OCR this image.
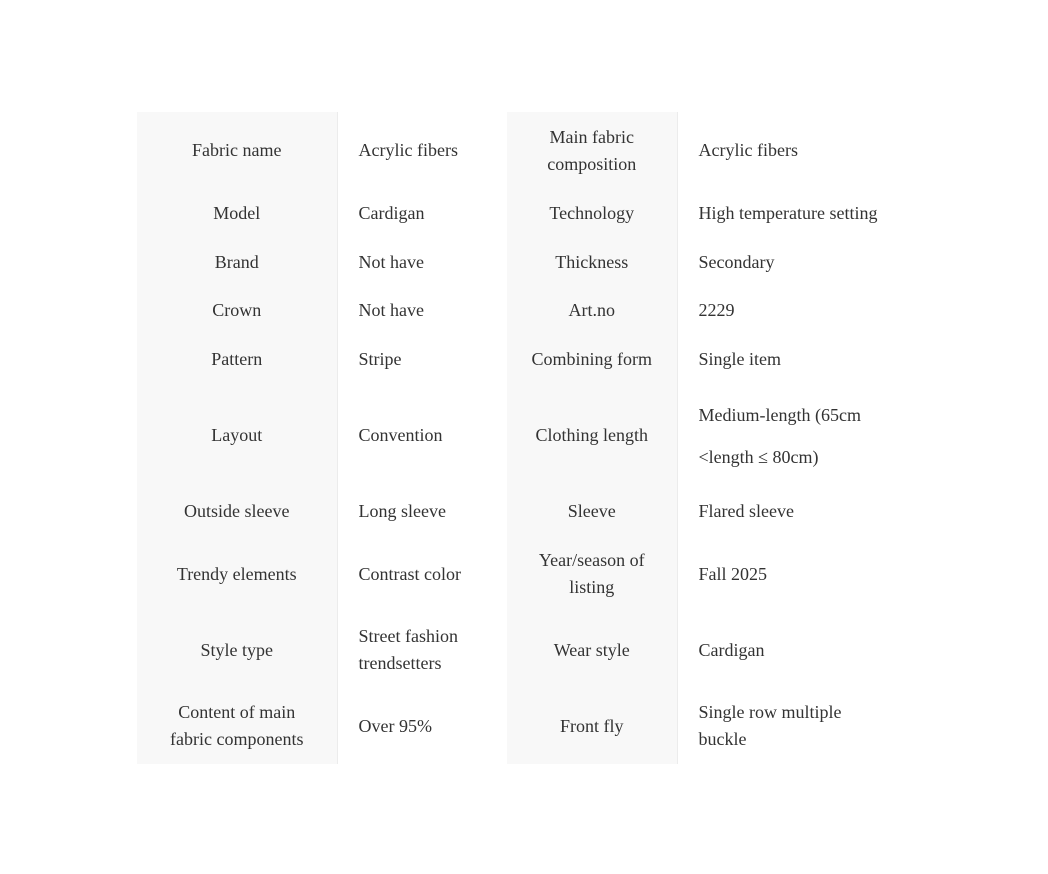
Fabric name	Acrylic fibers	Main fabric composition	Acrylic fibers
Model	Cardigan	Technology	High temperature setting
Brand	Not have	Thickness	Secondary
Crown	Not have	Art.no	2229
Pattern	Stripe	Combining form	Single item
Layout	Convention	Clothing length	Medium-length (65cm <length ≤ 80cm)
Outside sleeve	Long sleeve	Sleeve	Flared sleeve
Trendy elements	Contrast color	Year/season of listing	Fall 2025
Style type	Street fashion trendsetters	Wear style	Cardigan
Content of main fabric components	Over 95%	Front fly	Single row multiple buckle
